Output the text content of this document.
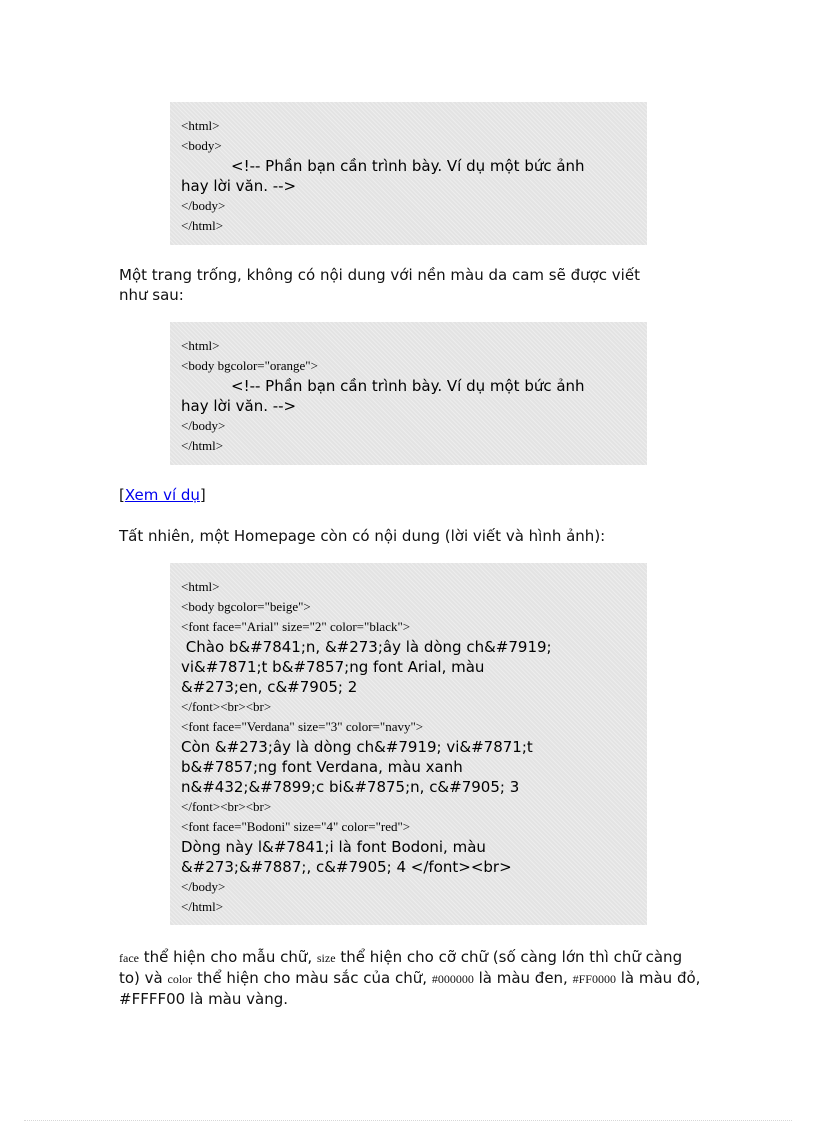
<html>
<body>
<!-- Phần bạn cần trình bày. Ví dụ một bức ảnh
hay lời văn. -->
</body>
</html>

Một trang trống, không có nội dung với nền màu da cam sẽ được viết
như sau:

<html>
<body bgcolor="orange">
<!-- Phần bạn cần trình bày. Ví dụ một bức ảnh
hay lời văn. -->
</body>
</html>

[Xem ví dụ]

Tất nhiên, một Homepage còn có nội dung (lời viết và hình ảnh):

<html>
<body bgcolor="beige">
<font face="Arial" size="2" color="black">
Chào b&#7841;n, &#273;ây là dòng ch&#7919;
vi&#7871;t b&#7857;ng font Arial, màu
&#273;en, c&#7905; 2
</font><br><br>
<font face="Verdana" size="3" color="navy">
Còn &#273;ây là dòng ch&#7919; vi&#7871;t
b&#7857;ng font Verdana, màu xanh
n&#432;&#7899;c bi&#7875;n, c&#7905; 3
</font><br><br>
<font face="Bodoni" size="4" color="red">
Dòng này l&#7841;i là font Bodoni, màu
&#273;&#7887;, c&#7905; 4 </font><br>
</body>
</html>

face thể hiện cho mẫu chữ, size thể hiện cho cỡ chữ (số càng lớn thì chữ càng to) và color thể hiện cho màu sắc của chữ, #000000 là màu đen, #FF0000 là màu đỏ, #FFFF00 là màu vàng.
